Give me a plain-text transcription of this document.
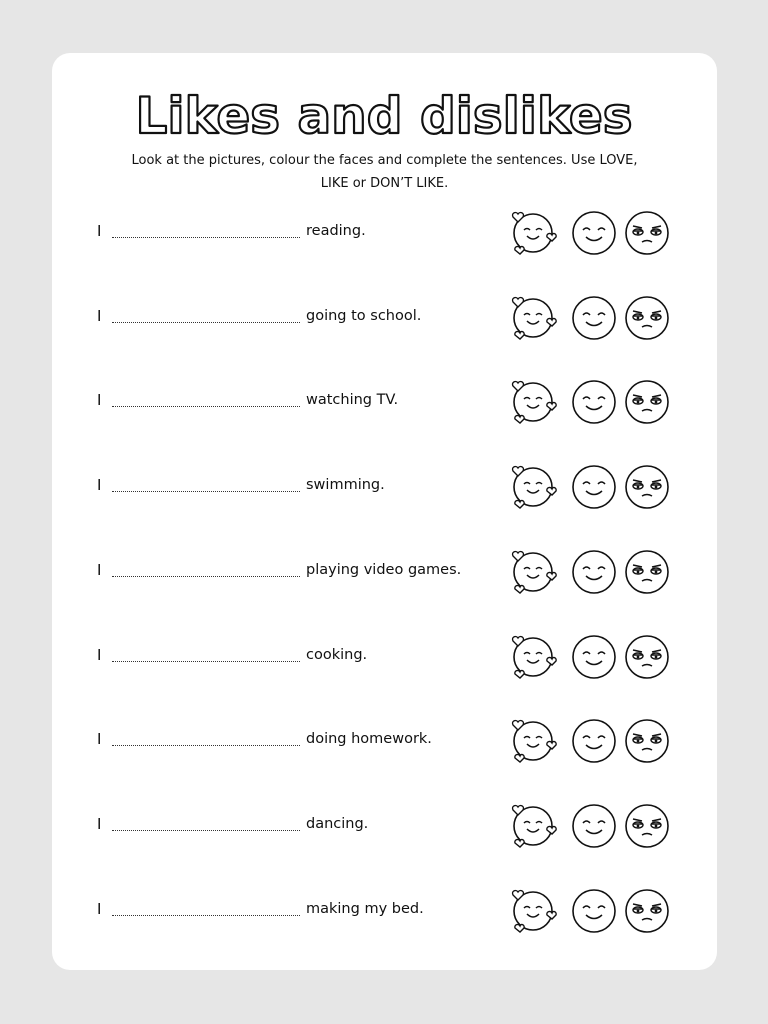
Likes and dislikes
Look at the pictures, colour the faces and complete the sentences. Use LOVE,
LIKE or DON’T LIKE.
I	reading.
I	going to school.
I	watching TV.
I	swimming.
I	playing video games.
I	cooking.
I	doing homework.
I	dancing.
I	making my bed.
